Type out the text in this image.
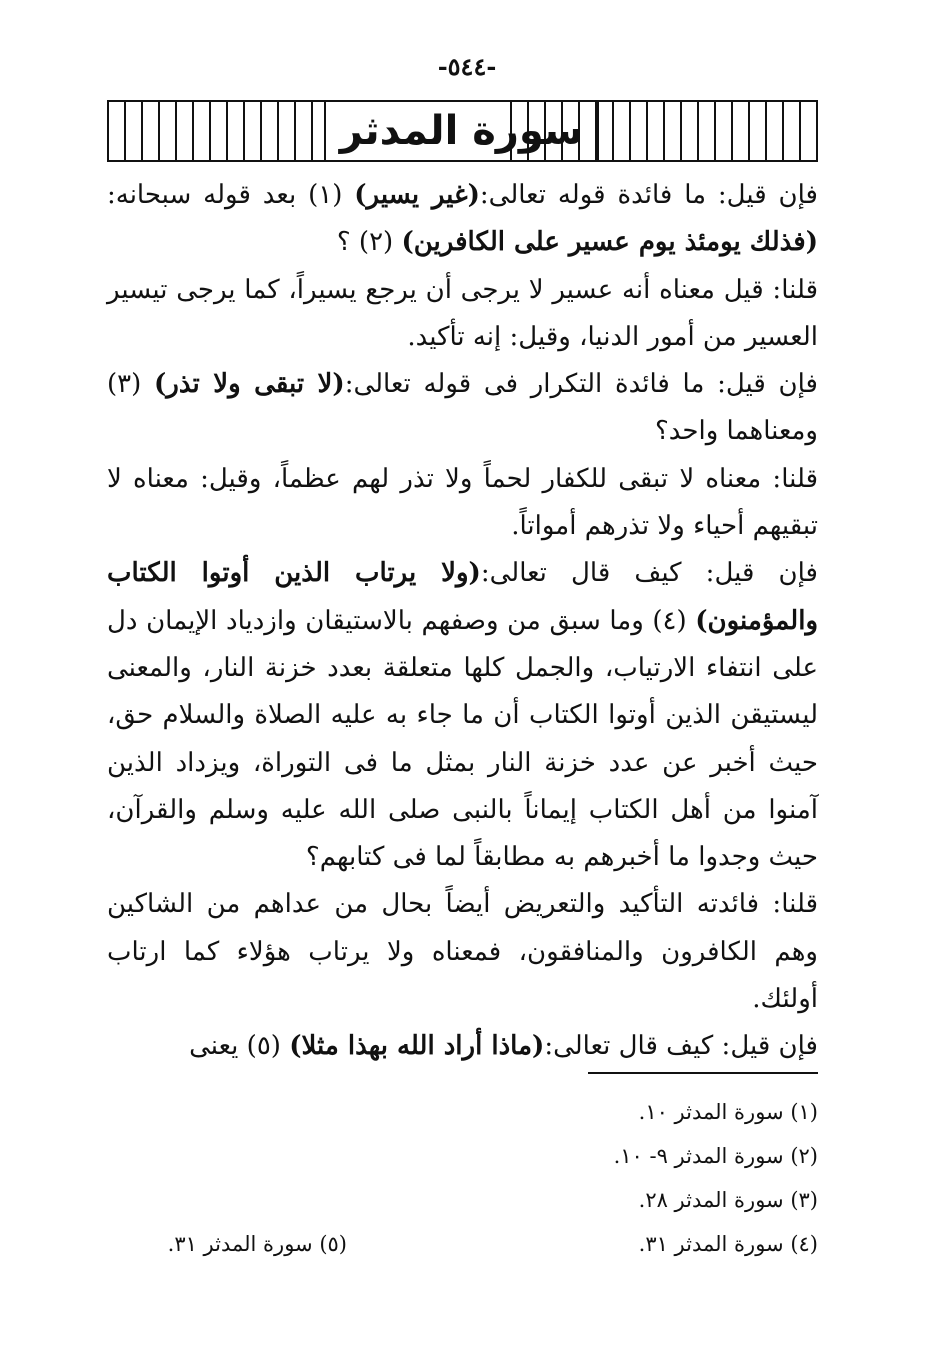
-٥٤٤-
سورة المدثر

فإن قيل: ما فائدة قوله تعالى:(غير يسير) (١) بعد قوله سبحانه: (فذلك يومئذ يوم عسير على الكافرين) (٢) ؟

قلنا: قيل معناه أنه عسير لا يرجى أن يرجع يسيراً، كما يرجى تيسير العسير من أمور الدنيا، وقيل: إنه تأكيد.

فإن قيل: ما فائدة التكرار فى قوله تعالى:(لا تبقى ولا تذر) (٣) ومعناهما واحد؟

قلنا: معناه لا تبقى للكفار لحماً ولا تذر لهم عظماً، وقيل: معناه لا تبقيهم أحياء ولا تذرهم أمواتاً.

فإن قيل: كيف قال تعالى:(ولا يرتاب الذين أوتوا الكتاب والمؤمنون) (٤) وما سبق من وصفهم بالاستيقان وازدياد الإيمان دل على انتفاء الارتياب، والجمل كلها متعلقة بعدد خزنة النار، والمعنى ليستيقن الذين أوتوا الكتاب أن ما جاء به عليه الصلاة والسلام حق، حيث أخبر عن عدد خزنة النار بمثل ما فى التوراة، ويزداد الذين آمنوا من أهل الكتاب إيماناً بالنبى صلى الله عليه وسلم والقرآن، حيث وجدوا ما أخبرهم به مطابقاً لما فى كتابهم؟

قلنا: فائدته التأكيد والتعريض أيضاً بحال من عداهم من الشاكين وهم الكافرون والمنافقون، فمعناه ولا يرتاب هؤلاء كما ارتاب أولئك.

فإن قيل: كيف قال تعالى:(ماذا أراد الله بهذا مثلا) (٥) يعنى

(١) سورة المدثر ١٠.
(٢) سورة المدثر ٩- ١٠.
(٣) سورة المدثر ٢٨.
(٤) سورة المدثر ٣١.
(٥) سورة المدثر ٣١.
